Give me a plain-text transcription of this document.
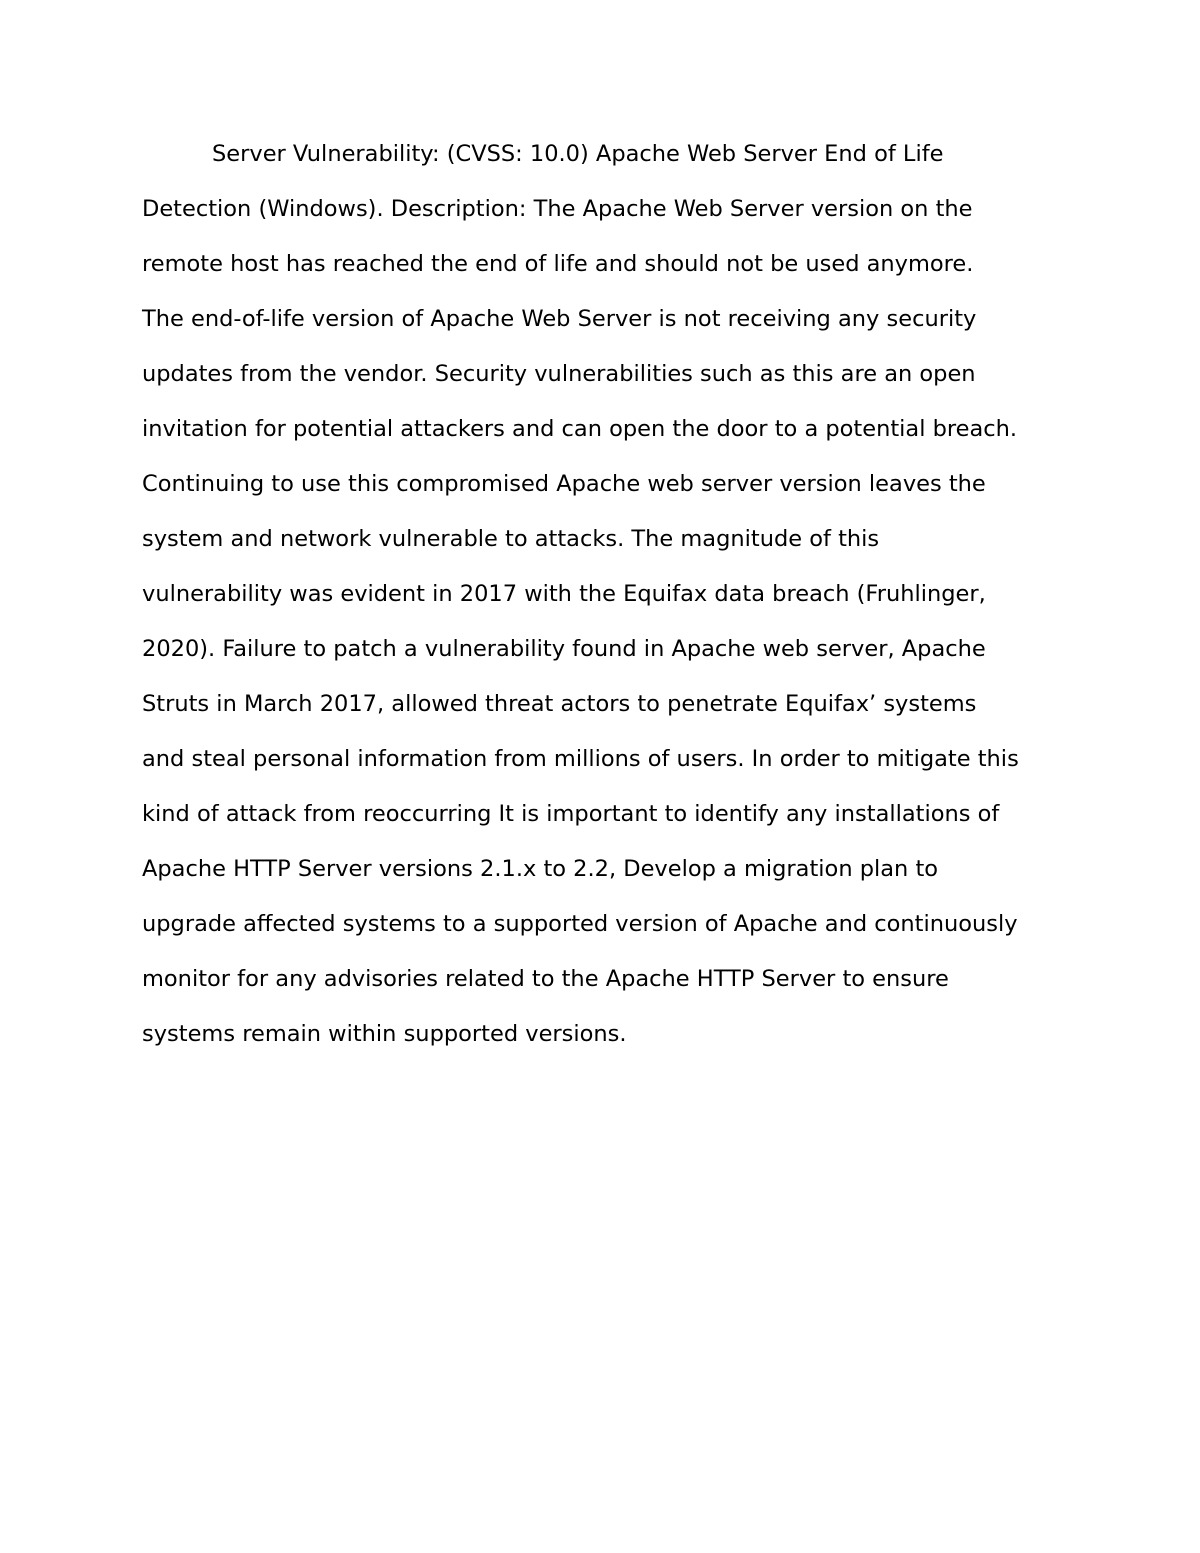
Server Vulnerability: (CVSS: 10.0) Apache Web Server End of Life
Detection (Windows). Description: The Apache Web Server version on the
remote host has reached the end of life and should not be used anymore.
The end-of-life version of Apache Web Server is not receiving any security
updates from the vendor. Security vulnerabilities such as this are an open
invitation for potential attackers and can open the door to a potential breach.
Continuing to use this compromised Apache web server version leaves the
system and network vulnerable to attacks. The magnitude of this
vulnerability was evident in 2017 with the Equifax data breach (Fruhlinger,
2020). Failure to patch a vulnerability found in Apache web server, Apache
Struts in March 2017, allowed threat actors to penetrate Equifax’ systems
and steal personal information from millions of users. In order to mitigate this
kind of attack from reoccurring It is important to identify any installations of
Apache HTTP Server versions 2.1.x to 2.2, Develop a migration plan to
upgrade affected systems to a supported version of Apache and continuously
monitor for any advisories related to the Apache HTTP Server to ensure
systems remain within supported versions.
